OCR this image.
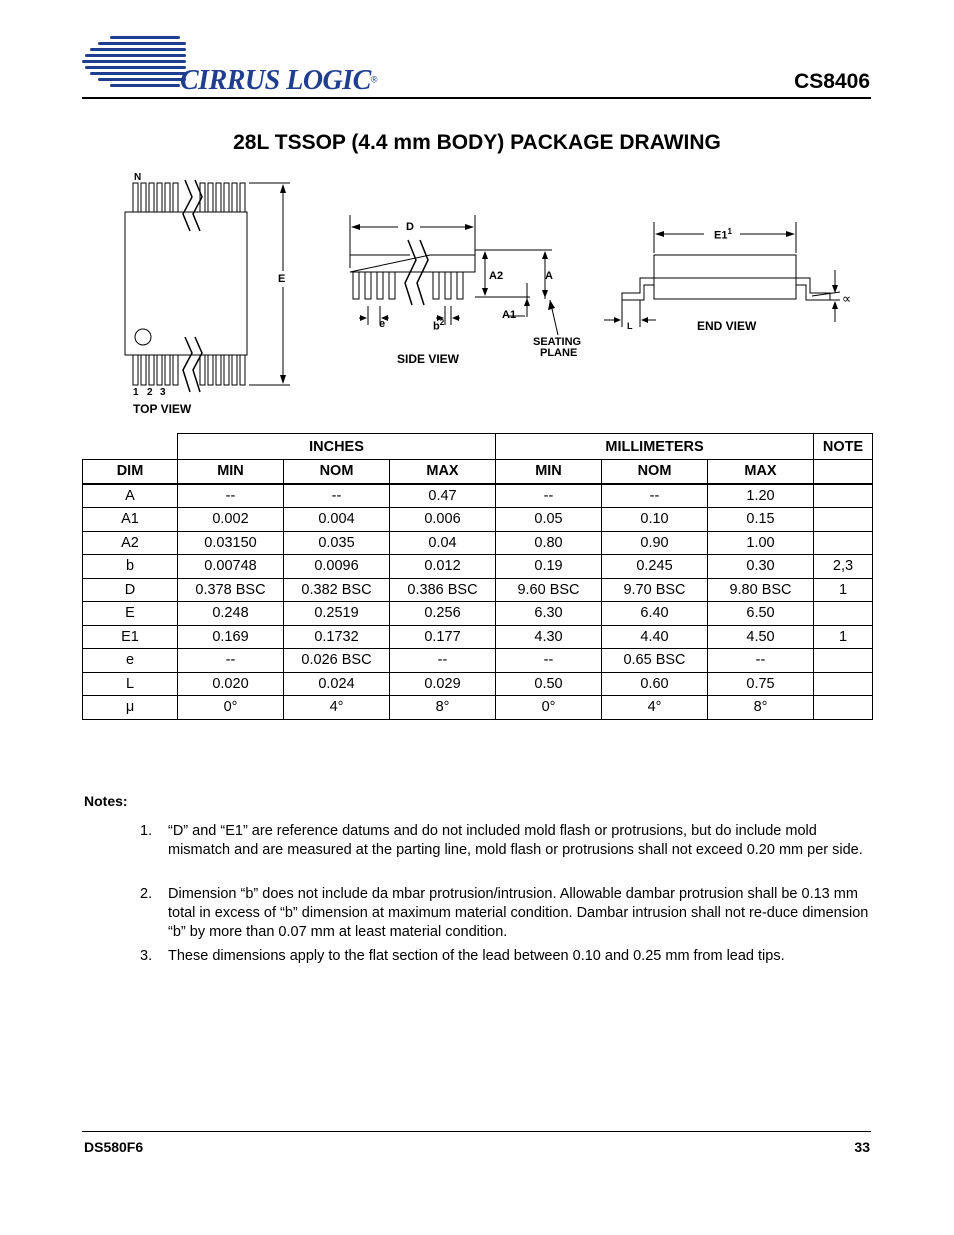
CIRRUS LOGIC®	CS8406
28L TSSOP (4.4 mm BODY) PACKAGE DRAWING
N
1 2 3
E
TOP VIEW
D
A2	A
A1
e	$b^2$
SEATING
PLANE
SIDE VIEW
$E1^1$
L
∝
END VIEW
	INCHES			MILLIMETERS			NOTE
DIM	MIN	NOM	MAX	MIN	NOM	MAX	
A	--	--	0.47	--	--	1.20	
A1	0.002	0.004	0.006	0.05	0.10	0.15	
A2	0.03150	0.035	0.04	0.80	0.90	1.00	
b	0.00748	0.0096	0.012	0.19	0.245	0.30	2,3
D	0.378 BSC	0.382 BSC	0.386 BSC	9.60 BSC	9.70 BSC	9.80 BSC	1
E	0.248	0.2519	0.256	6.30	6.40	6.50	
E1	0.169	0.1732	0.177	4.30	4.40	4.50	1
e	--	0.026 BSC	--	--	0.65 BSC	--	
L	0.020	0.024	0.029	0.50	0.60	0.75	
μ	0°	4°	8°	0°	4°	8°	
Notes:
1. “D” and “E1” are reference datums and do not included mold flash or protrusions, but do include mold mismatch and are measured at the parting line, mold flash or protrusions shall not exceed 0.20 mm per side.
2. Dimension “b” does not include da mbar protrusion/intrusion. Allowable dambar protrusion shall be 0.13 mm total in excess of “b” dimension at maximum material condition. Dambar intrusion shall not re-duce dimension “b” by more than 0.07 mm at least material condition.
3. These dimensions apply to the flat section of the lead between 0.10 and 0.25 mm from lead tips.
DS580F6	33
